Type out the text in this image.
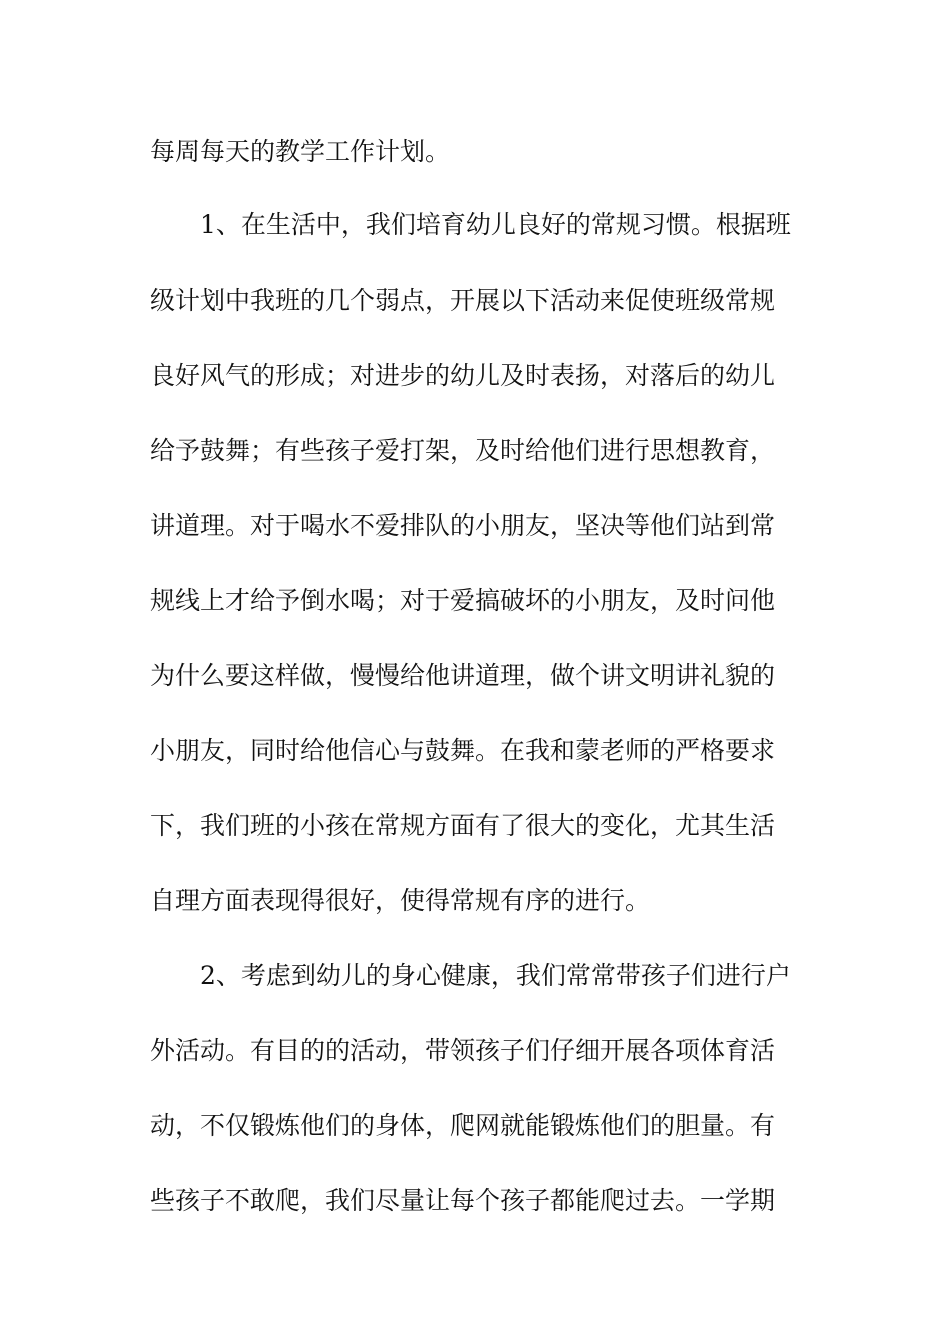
每周每天的教学工作计划。
1、在生活中，我们培育幼儿良好的常规习惯。根据班
级计划中我班的几个弱点，开展以下活动来促使班级常规
良好风气的形成；对进步的幼儿及时表扬，对落后的幼儿
给予鼓舞；有些孩子爱打架，及时给他们进行思想教育，
讲道理。对于喝水不爱排队的小朋友，坚决等他们站到常
规线上才给予倒水喝；对于爱搞破坏的小朋友，及时问他
为什么要这样做，慢慢给他讲道理，做个讲文明讲礼貌的
小朋友，同时给他信心与鼓舞。在我和蒙老师的严格要求
下，我们班的小孩在常规方面有了很大的变化，尤其生活
自理方面表现得很好，使得常规有序的进行。
2、考虑到幼儿的身心健康，我们常常带孩子们进行户
外活动。有目的的活动，带领孩子们仔细开展各项体育活
动，不仅锻炼他们的身体，爬网就能锻炼他们的胆量。有
些孩子不敢爬，我们尽量让每个孩子都能爬过去。一学期
